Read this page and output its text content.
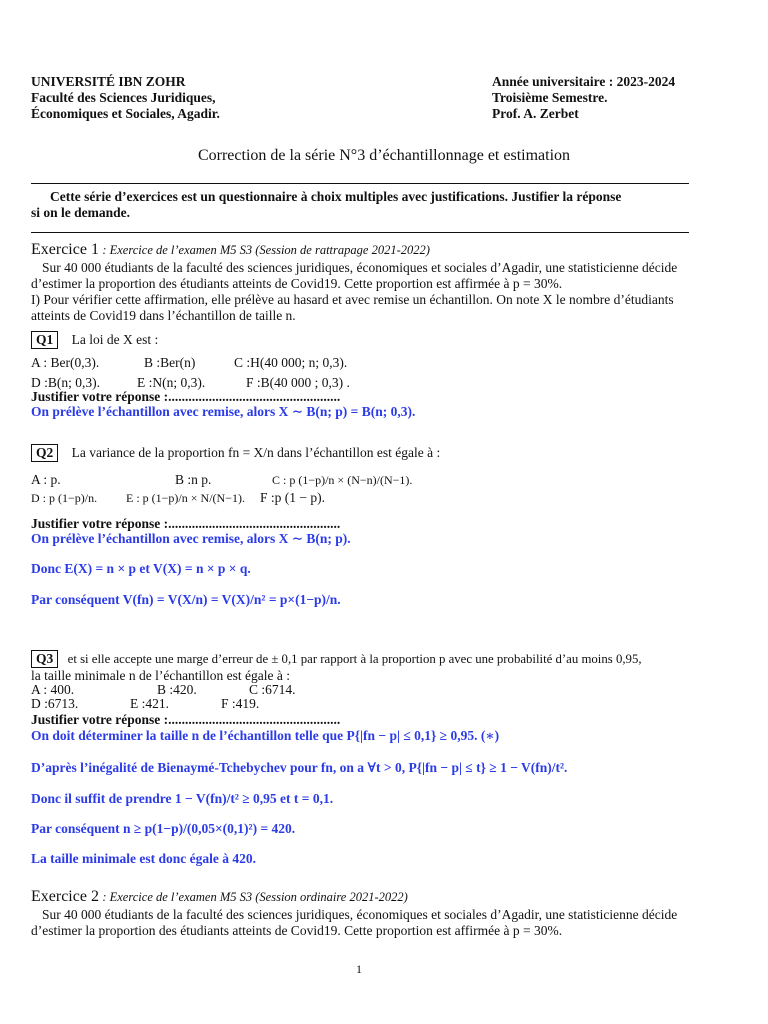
UNIVERSITÉ IBN ZOHR
Faculté des Sciences Juridiques,
Économiques et Sociales, Agadir.
Année universitaire : 2023-2024
Troisième Semestre.
Prof. A. Zerbet
Correction de la série N°3 d’échantillonnage et estimation
Cette série d’exercices est un questionnaire à choix multiples avec justifications. Justifier la réponse
si on le demande.
Exercice 1 : Exercice de l’examen M5 S3 (Session de rattrapage 2021-2022)
Sur 40 000 étudiants de la faculté des sciences juridiques, économiques et sociales d’Agadir, une statisticienne décide
d’estimer la proportion des étudiants atteints de Covid19. Cette proportion est affirmée à p = 30%.
I) Pour vérifier cette affirmation, elle prélève au hasard et avec remise un échantillon. On note X le nombre d’étudiants
atteints de Covid19 dans l’échantillon de taille n.
Q1 La loi de X est :
A : Ber(0,3).	B :Ber(n)	C :H(40 000; n; 0,3).
D :B(n; 0,3).	E :N(n; 0,3).	F :B(40 000 ; 0,3) .
Justifier votre réponse :...................................................
On prélève l’échantillon avec remise, alors X ∼ B(n; p) = B(n; 0,3).
Q2 La variance de la proportion fn = X/n dans l’échantillon est égale à :
A : p.	B :n p.	C : p (1−p)/n × (N−n)/(N−1).
D : p (1−p)/n. E : p (1−p)/n × N/(N−1). F :p (1 − p).
Justifier votre réponse :...................................................
On prélève l’échantillon avec remise, alors X ∼ B(n; p).
Donc E(X) = n × p et V(X) = n × p × q.
Par conséquent V(fn) = V(X/n) = V(X)/n² = p×(1−p)/n.
Q3 et si elle accepte une marge d’erreur de ± 0,1 par rapport à la proportion p avec une probabilité d’au moins 0,95,
la taille minimale n de l’échantillon est égale à :
A : 400.	B :420.	C :6714.
D :6713.	E :421.	F :419.
Justifier votre réponse :...................................................
On doit déterminer la taille n de l’échantillon telle que P{|fn − p| ≤ 0,1} ≥ 0,95. (∗)
D’après l’inégalité de Bienaymé-Tchebychev pour fn, on a ∀t > 0, P{|fn − p| ≤ t} ≥ 1 − V(fn)/t².
Donc il suffit de prendre 1 − V(fn)/t² ≥ 0,95 et t = 0,1.
Par conséquent n ≥ p(1−p)/(0,05×(0,1)²) = 420.
La taille minimale est donc égale à 420.
Exercice 2 : Exercice de l’examen M5 S3 (Session ordinaire 2021-2022)
Sur 40 000 étudiants de la faculté des sciences juridiques, économiques et sociales d’Agadir, une statisticienne décide
d’estimer la proportion des étudiants atteints de Covid19. Cette proportion est affirmée à p = 30%.
1
